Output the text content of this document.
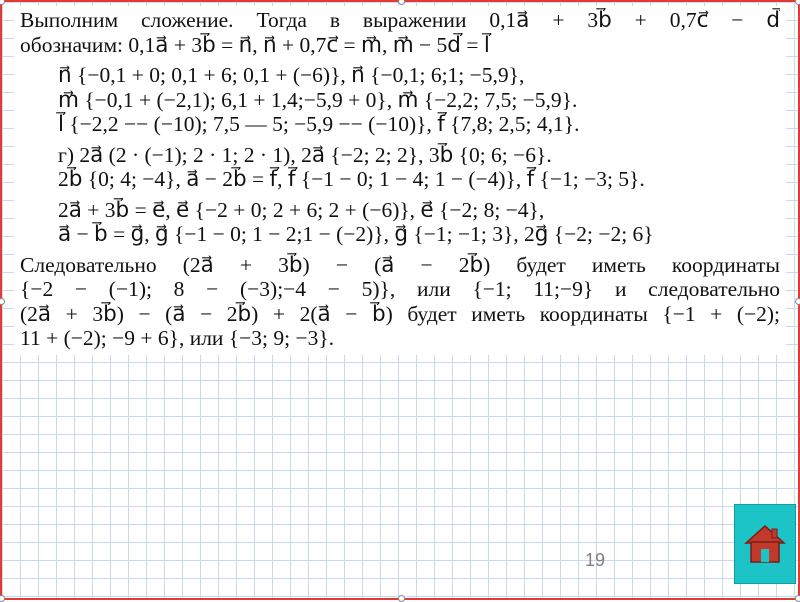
Выполним сложение. Тогда в выражении 0,1a⃗ + 3b⃗ + 0,7c⃗ − d⃗
обозначим: 0,1a⃗ + 3b⃗ = n⃗, n⃗ + 0,7c⃗ = m⃗, m⃗ − 5d⃗ = l⃗
n⃗ {−0,1 + 0; 0,1 + 6; 0,1 + (−6)}, n⃗ {−0,1; 6;1; −5,9},
m⃗ {−0,1 + (−2,1); 6,1 + 1,4;−5,9 + 0}, m⃗ {−2,2; 7,5; −5,9}.
l⃗ {−2,2 −− (−10); 7,5 — 5; −5,9 −− (−10)}, f⃗ {7,8; 2,5; 4,1}.
г) 2a⃗ (2 · (−1); 2 · 1; 2 · 1), 2a⃗ {−2; 2; 2}, 3b⃗ {0; 6; −6}.
2b⃗ {0; 4; −4}, a⃗ − 2b⃗ = f⃗, f⃗ {−1 − 0; 1 − 4; 1 − (−4)}, f⃗ {−1; −3; 5}.
2a⃗ + 3b⃗ = e⃗, e⃗ {−2 + 0; 2 + 6; 2 + (−6)}, e⃗ {−2; 8; −4},
a⃗ − b⃗ = g⃗, g⃗ {−1 − 0; 1 − 2;1 − (−2)}, g⃗ {−1; −1; 3}, 2g⃗ {−2; −2; 6}
Следовательно (2a⃗ + 3b⃗) − (a⃗ − 2b⃗) будет иметь координаты
{−2 − (−1); 8 − (−3);−4 − 5)}, или {−1; 11;−9} и следовательно
(2a⃗ + 3b⃗) − (a⃗ − 2b⃗) + 2(a⃗ − b⃗) будет иметь координаты {−1 + (−2);
11 + (−2); −9 + 6}, или {−3; 9; −3}.
19
